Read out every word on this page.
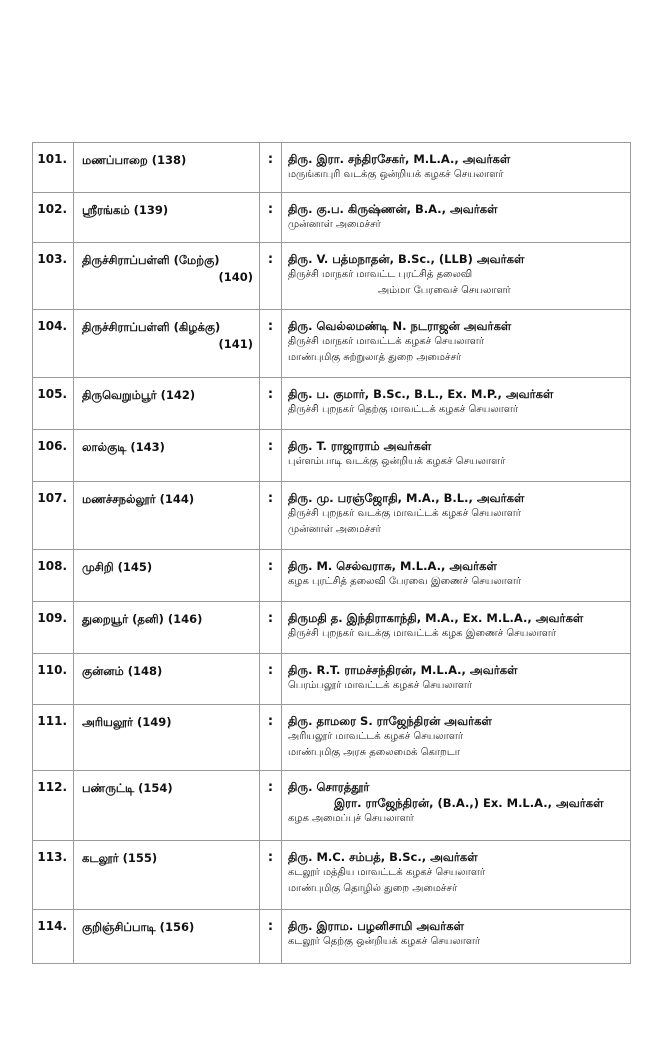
101.	மணப்பாறை (138)	:	திரு. இரா. சந்திரசேகர், M.L.A., அவர்கள்
மருங்காபுரி வடக்கு ஒன்றியக் கழகச் செயலாளர்

102.	ஸ்ரீரங்கம் (139)	:	திரு. கு.ப. கிருஷ்ணன், B.A., அவர்கள்
முன்னாள் அமைச்சர்

103.	திருச்சிராப்பள்ளி (மேற்கு)
(140)	:	திரு. V. பத்மநாதன், B.Sc., (LLB) அவர்கள்
திருச்சி மாநகர் மாவட்ட புரட்சித் தலைவி
அம்மா பேரவைச் செயலாளர்

104.	திருச்சிராப்பள்ளி (கிழக்கு)
(141)	:	திரு. வெல்லமண்டி N. நடராஜன் அவர்கள்
திருச்சி மாநகர் மாவட்டக் கழகச் செயலாளர்
மாண்புமிகு சுற்றுலாத் துறை அமைச்சர்

105.	திருவெறும்பூர் (142)	:	திரு. ப. குமார், B.Sc., B.L., Ex. M.P., அவர்கள்
திருச்சி புறநகர் தெற்கு மாவட்டக் கழகச் செயலாளர்

106.	லால்குடி (143)	:	திரு. T. ராஜாராம் அவர்கள்
புள்ளம்பாடி வடக்கு ஒன்றியக் கழகச் செயலாளர்

107.	மணச்சநல்லூர் (144)	:	திரு. மு. பரஞ்ஜோதி, M.A., B.L., அவர்கள்
திருச்சி புறநகர் வடக்கு மாவட்டக் கழகச் செயலாளர்
முன்னாள் அமைச்சர்

108.	முசிறி (145)	:	திரு. M. செல்வராசு, M.L.A., அவர்கள்
கழக புரட்சித் தலைவி பேரவை இணைச் செயலாளர்

109.	துறையூர் (தனி) (146)	:	திருமதி த. இந்திராகாந்தி, M.A., Ex. M.L.A., அவர்கள்
திருச்சி புறநகர் வடக்கு மாவட்டக் கழக இணைச் செயலாளர்

110.	குன்னம் (148)	:	திரு. R.T. ராமச்சந்திரன், M.L.A., அவர்கள்
பெரம்பலூர் மாவட்டக் கழகச் செயலாளர்

111.	அரியலூர் (149)	:	திரு. தாமரை S. ராஜேந்திரன் அவர்கள்
அரியலூர் மாவட்டக் கழகச் செயலாளர்
மாண்புமிகு அரசு தலைமைக் கொறடா

112.	பண்ருட்டி (154)	:	திரு. சொரத்தூர்
இரா. ராஜேந்திரன், (B.A.,) Ex. M.L.A., அவர்கள்
கழக அமைப்புச் செயலாளர்

113.	கடலூர் (155)	:	திரு. M.C. சம்பத், B.Sc., அவர்கள்
கடலூர் மத்திய மாவட்டக் கழகச் செயலாளர்
மாண்புமிகு தொழில் துறை அமைச்சர்

114.	குறிஞ்சிப்பாடி (156)	:	திரு. இராம. பழனிசாமி அவர்கள்
கடலூர் தெற்கு ஒன்றியக் கழகச் செயலாளர்
